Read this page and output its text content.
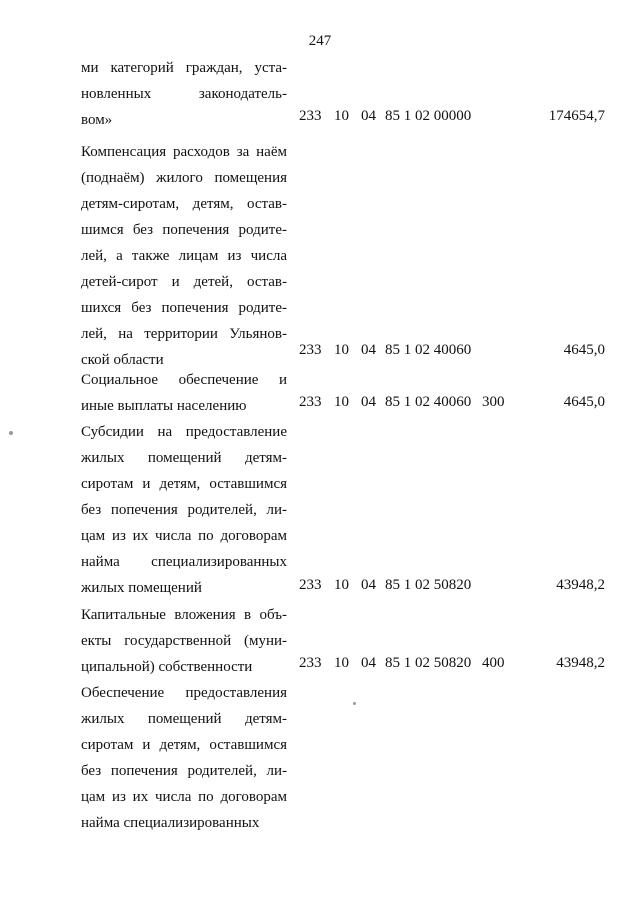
247
ми категорий граждан, уста-
новленных законодатель-
вом»	233 10 04 85 1 02 00000	174654,7
Компенсация расходов за наём
(поднаём) жилого помещения
детям-сиротам, детям, остав-
шимся без попечения родите-
лей, а также лицам из числа
детей-сирот и детей, остав-
шихся без попечения родите-
лей, на территории Ульянов-
ской области
233 10 04 85 1 02 40060	4645,0
Социальное обеспечение и
иные выплаты населению	233 10 04 85 1 02 40060 300	4645,0
Субсидии на предоставление
жилых помещений детям-
сиротам и детям, оставшимся
без попечения родителей, ли-
цам из их числа по договорам
найма специализированных
жилых помещений	233 10 04 85 1 02 50820	43948,2
Капитальные вложения в объ-
екты государственной (муни-
ципальной) собственности	233 10 04 85 1 02 50820 400	43948,2
Обеспечение предоставления
жилых помещений детям-
сиротам и детям, оставшимся
без попечения родителей, ли-
цам из их числа по договорам
найма специализированных
